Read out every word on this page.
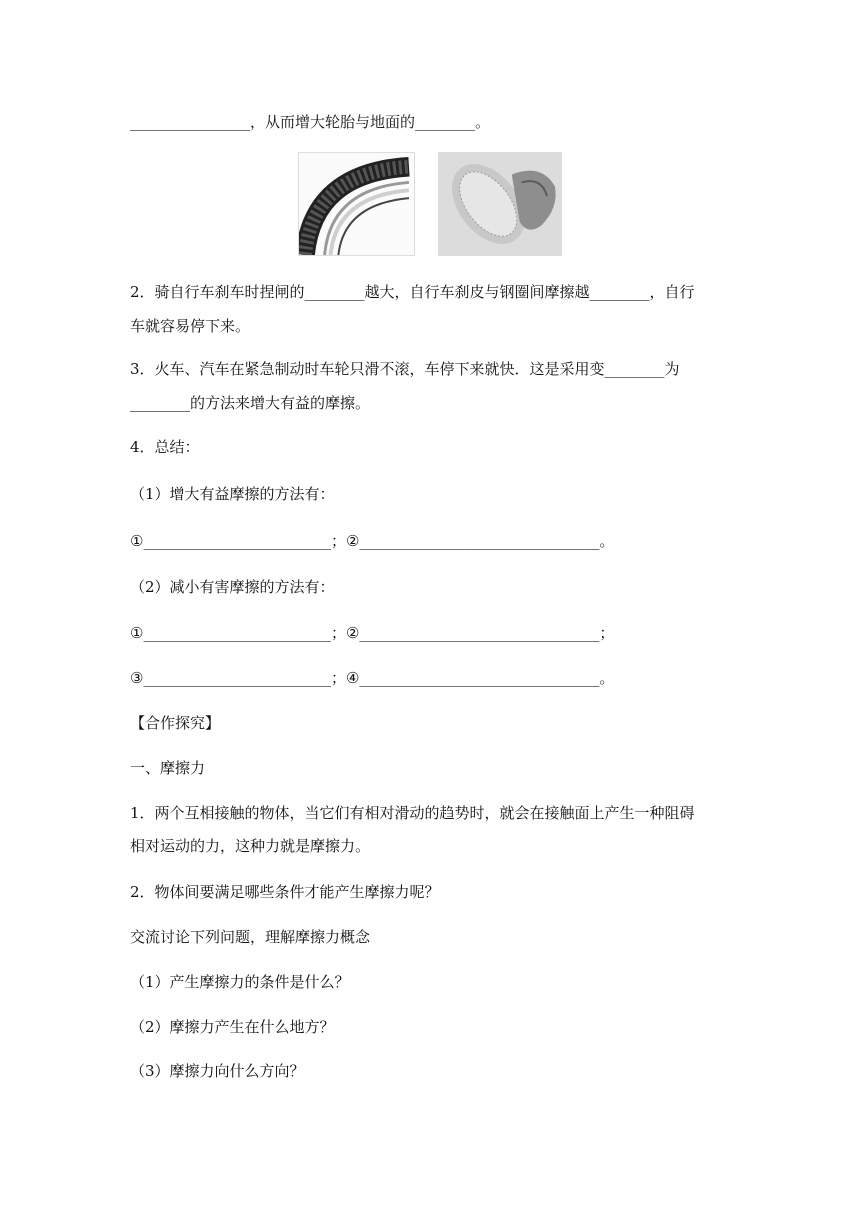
________________，从而增大轮胎与地面的________。
2．骑自行车刹车时捏闸的________越大，自行车刹皮与钢圈间摩擦越________，自行
车就容易停下来。
3．火车、汽车在紧急制动时车轮只滑不滚，车停下来就快．这是采用变________为
________的方法来增大有益的摩擦。
4．总结：
（1）增大有益摩擦的方法有：
①_________________________；②________________________________。
（2）减小有害摩擦的方法有：
①_________________________；②________________________________；
③_________________________；④________________________________。
【合作探究】
一、摩擦力
1．两个互相接触的物体，当它们有相对滑动的趋势时，就会在接触面上产生一种阻碍
相对运动的力，这种力就是摩擦力。
2．物体间要满足哪些条件才能产生摩擦力呢？
交流讨论下列问题，理解摩擦力概念
（1）产生摩擦力的条件是什么？
（2）摩擦力产生在什么地方？
（3）摩擦力向什么方向？
